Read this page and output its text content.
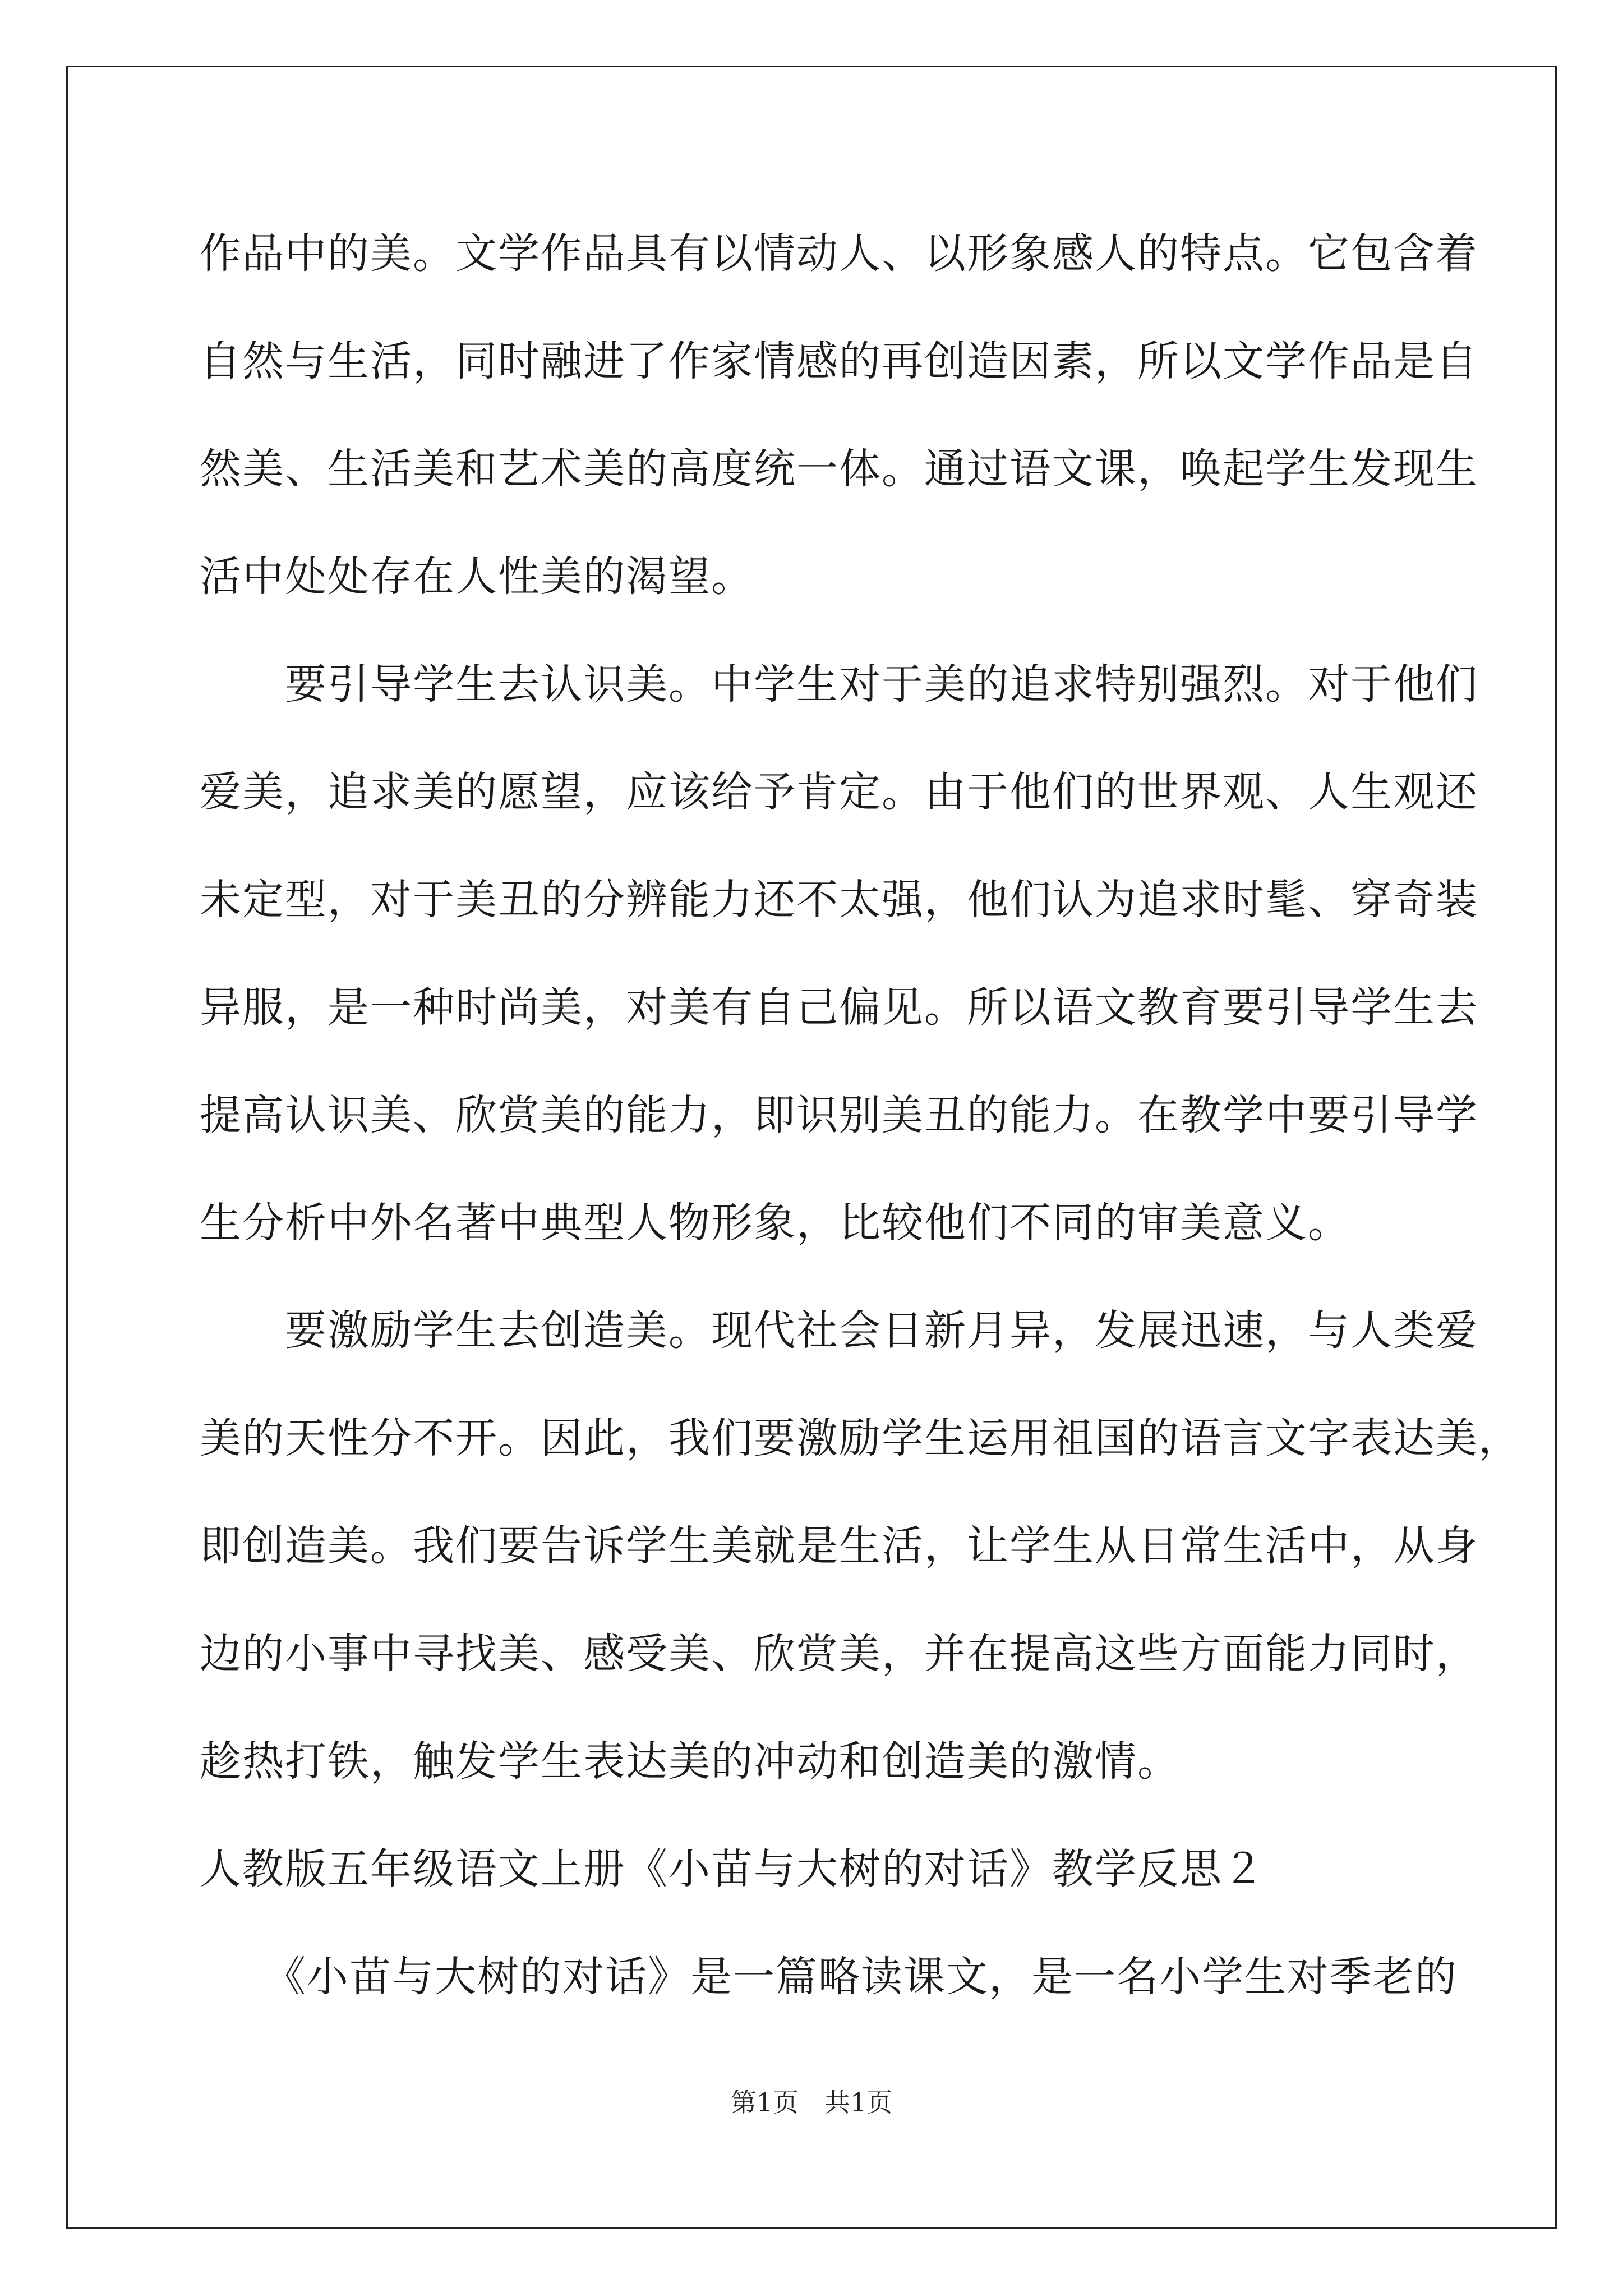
作品中的美。文学作品具有以情动人、以形象感人的特点。它包含着
自然与生活，同时融进了作家情感的再创造因素，所以文学作品是自
然美、生活美和艺术美的高度统一体。通过语文课，唤起学生发现生
活中处处存在人性美的渴望。
　　要引导学生去认识美。中学生对于美的追求特别强烈。对于他们
爱美，追求美的愿望，应该给予肯定。由于他们的世界观、人生观还
未定型，对于美丑的分辨能力还不太强，他们认为追求时髦、穿奇装
异服，是一种时尚美，对美有自己偏见。所以语文教育要引导学生去
提高认识美、欣赏美的能力，即识别美丑的能力。在教学中要引导学
生分析中外名著中典型人物形象，比较他们不同的审美意义。
　　要激励学生去创造美。现代社会日新月异，发展迅速，与人类爱
美的天性分不开。因此，我们要激励学生运用祖国的语言文字表达美，
即创造美。我们要告诉学生美就是生活，让学生从日常生活中，从身
边的小事中寻找美、感受美、欣赏美，并在提高这些方面能力同时，
趁热打铁，触发学生表达美的冲动和创造美的激情。
人教版五年级语文上册《小苗与大树的对话》教学反思２
　　《小苗与大树的对话》是一篇略读课文，是一名小学生对季老的
第1页　共1页
